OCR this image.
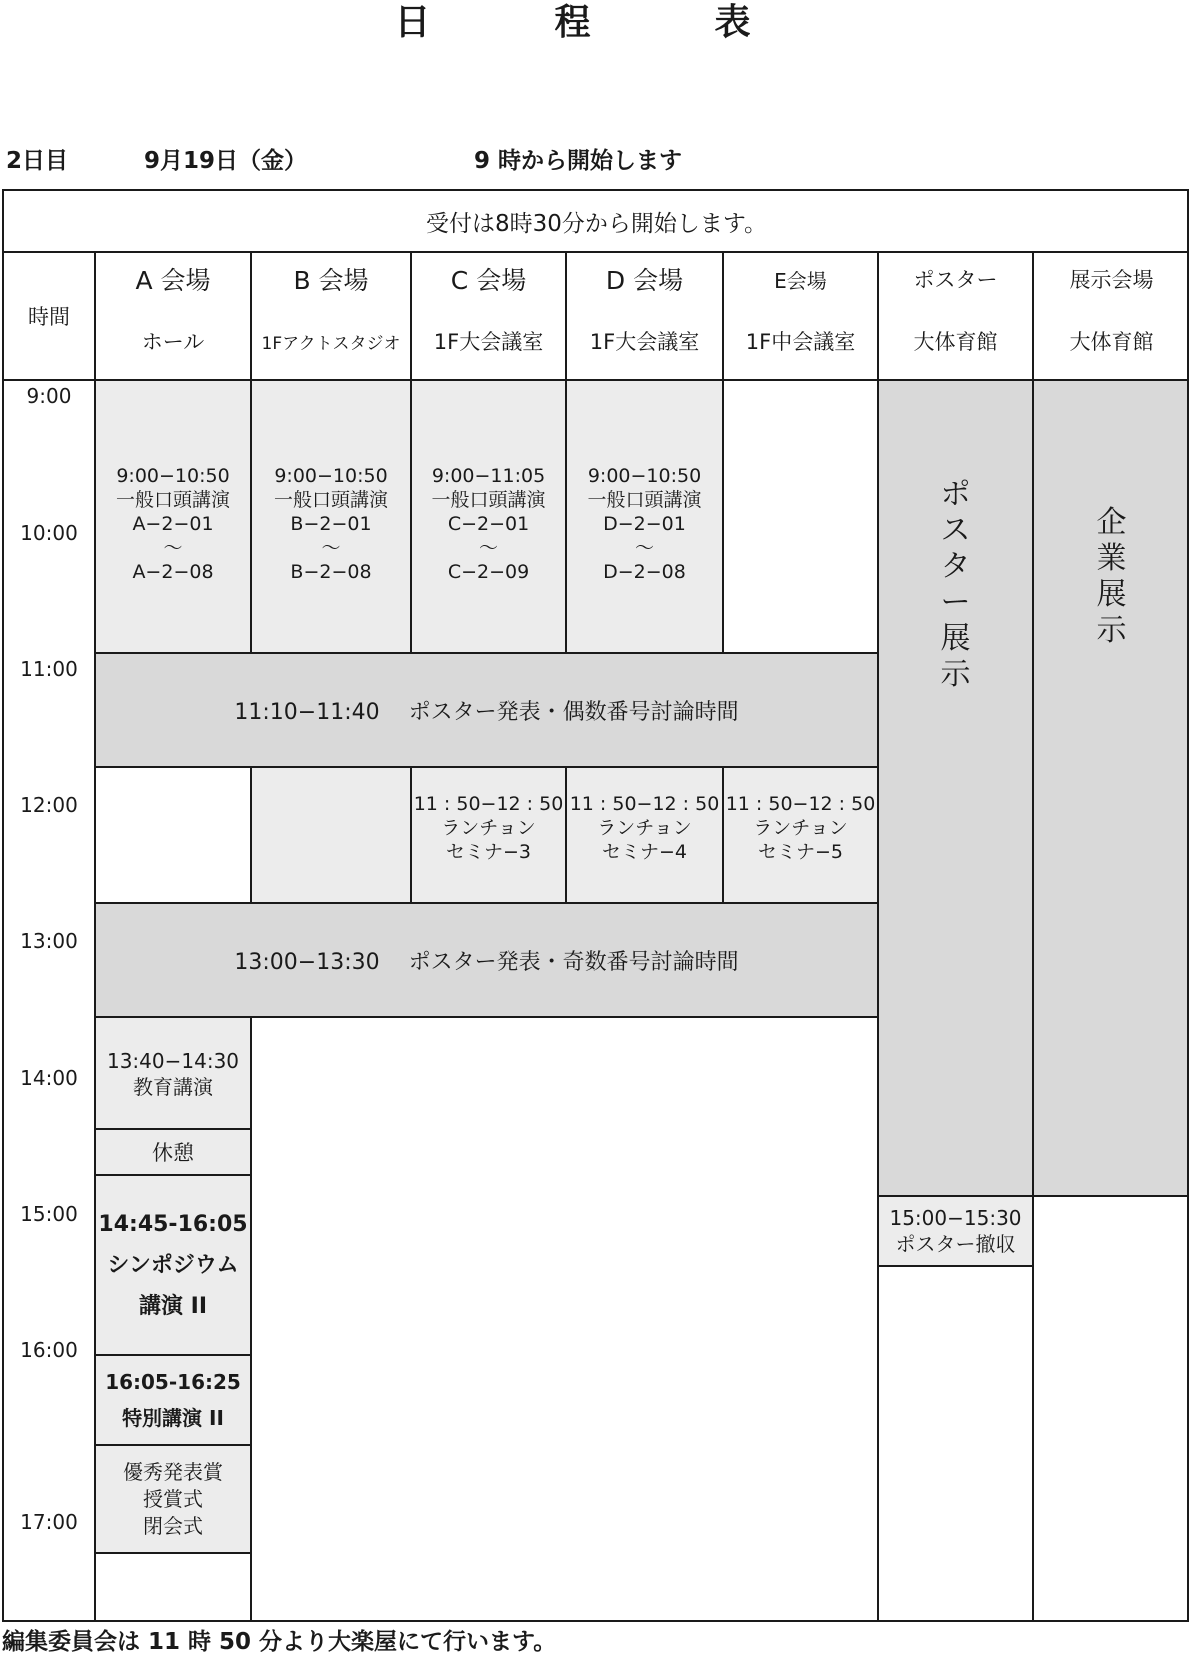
日　程　表
2日目	9月19日（金）	9 時から開始します
受付は8時30分から開始します。
時間
A 会場
ホール
B 会場
1Fアクトスタジオ
C 会場
1F大会議室
D 会場
1F大会議室
E会場
1F中会議室
ポスター
大体育館
展示会場
大体育館
9:00
10:00
11:00
12:00
13:00
14:00
15:00
16:00
17:00
9:00−10:50
一般口頭講演
A−2−01
〜
A−2−08
9:00−10:50
一般口頭講演
B−2−01
〜
B−2−08
9:00−11:05
一般口頭講演
C−2−01
〜
C−2−09
9:00−10:50
一般口頭講演
D−2−01
〜
D−2−08
11:10−11:40　 ポスター発表・偶数番号討論時間
11 : 50−12 : 50
ランチョン
セミナ−3
11 : 50−12 : 50
ランチョン
セミナ−4
11 : 50−12 : 50
ランチョン
セミナ−5
13:00−13:30　 ポスター発表・奇数番号討論時間
13:40−14:30
教育講演
休憩
14:45-16:05
シンポジウム
講演 II
16:05-16:25
特別講演 II
優秀発表賞
授賞式
閉会式
ポスター展示
15:00−15:30
ポスター撤収
企業展示
編集委員会は 11 時 50 分より大楽屋にて行います。
